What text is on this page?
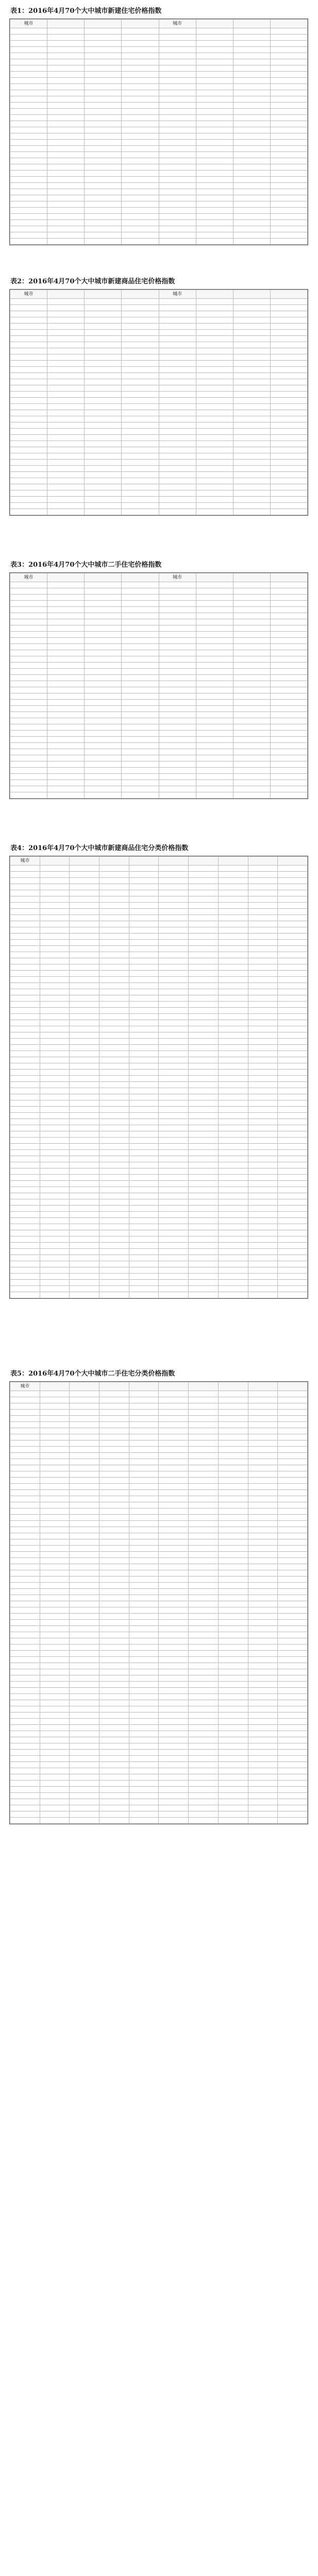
表1：2016年4月70个大中城市新建住宅价格指数
城市				城市			

表2：2016年4月70个大中城市新建商品住宅价格指数
城市				城市			

表3：2016年4月70个大中城市二手住宅价格指数
城市				城市			

表4：2016年4月70个大中城市新建商品住宅分类价格指数
城市									

表5：2016年4月70个大中城市二手住宅分类价格指数
城市									
